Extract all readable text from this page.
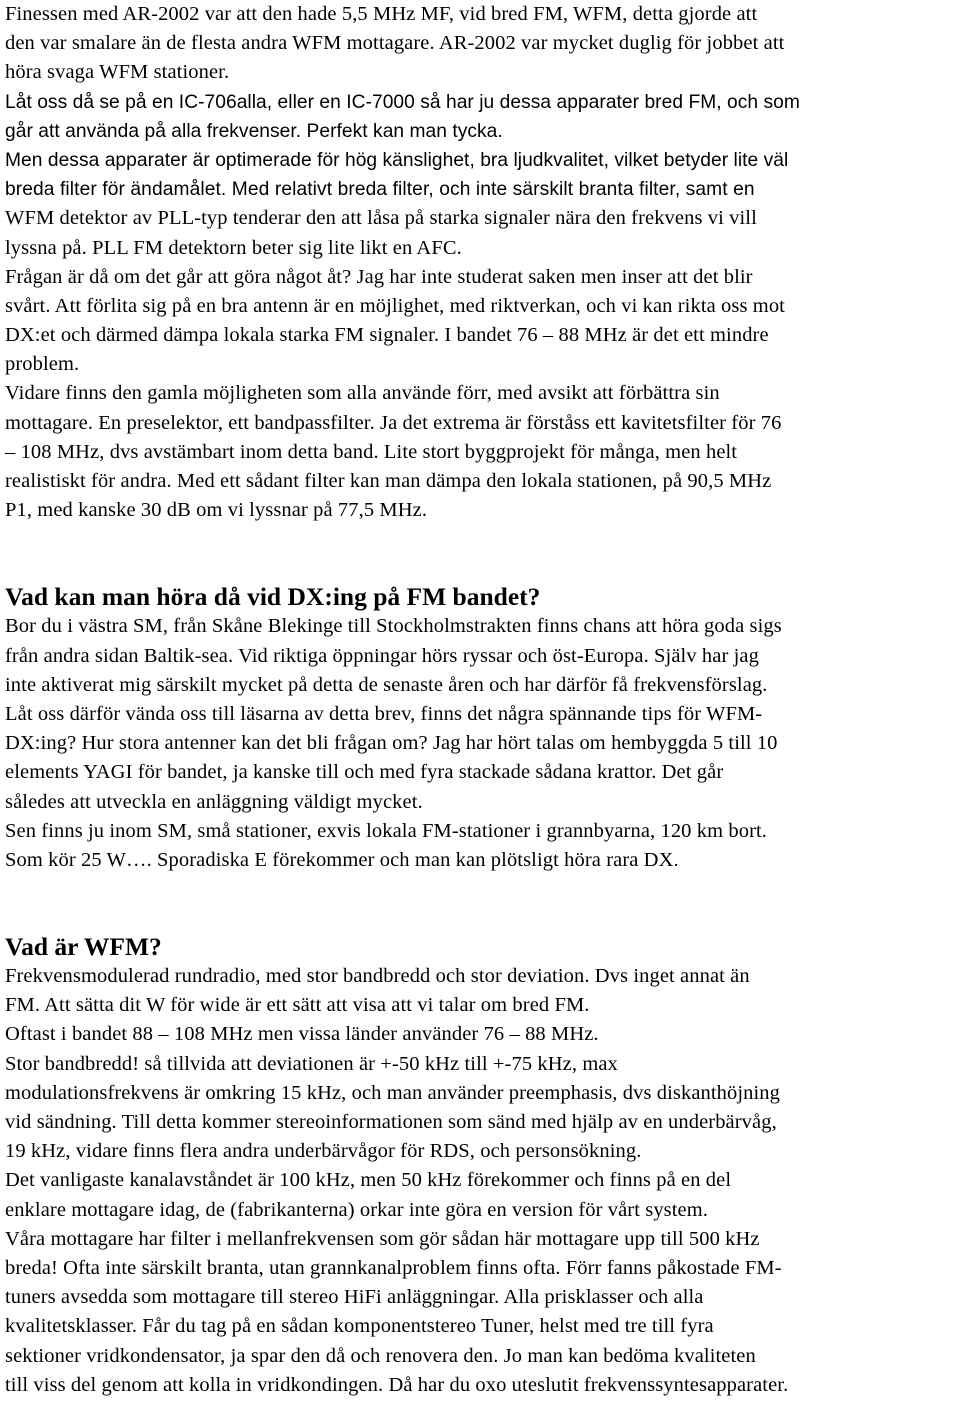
Finessen med AR-2002 var att den hade 5,5 MHz MF, vid bred FM, WFM, detta gjorde att

den var smalare än de flesta andra WFM mottagare. AR-2002 var mycket duglig för jobbet att

höra svaga WFM stationer.

Låt oss då se på en IC-706alla, eller en IC-7000 så har ju dessa apparater bred FM, och som

går att använda på alla frekvenser. Perfekt kan man tycka.

Men dessa apparater är optimerade för hög känslighet, bra ljudkvalitet, vilket betyder lite väl

breda filter för ändamålet. Med relativt breda filter, och inte särskilt branta filter, samt en

WFM detektor av PLL-typ tenderar den att låsa på starka signaler nära den frekvens vi vill

lyssna på. PLL FM detektorn beter sig lite likt en AFC.

Frågan är då om det går att göra något åt? Jag har inte studerat saken men inser att det blir

svårt. Att förlita sig på en bra antenn är en möjlighet, med riktverkan, och vi kan rikta oss mot

DX:et och därmed dämpa lokala starka FM signaler. I bandet 76 – 88 MHz är det ett mindre

problem.

Vidare finns den gamla möjligheten som alla använde förr, med avsikt att förbättra sin

mottagare. En preselektor, ett bandpassfilter. Ja det extrema är förståss ett kavitetsfilter för 76

– 108 MHz, dvs avstämbart inom detta band. Lite stort byggprojekt för många, men helt

realistiskt för andra. Med ett sådant filter kan man dämpa den lokala stationen, på 90,5 MHz

P1, med kanske 30 dB om vi lyssnar på 77,5 MHz.

Vad kan man höra då vid DX:ing på FM bandet?

Bor du i västra SM, från Skåne Blekinge till Stockholmstrakten finns chans att höra goda sigs

från andra sidan Baltik-sea. Vid riktiga öppningar hörs ryssar och öst-Europa. Själv har jag

inte aktiverat mig särskilt mycket på detta de senaste åren och har därför få frekvensförslag.

Låt oss därför vända oss till läsarna av detta brev, finns det några spännande tips för WFM-

DX:ing? Hur stora antenner kan det bli frågan om? Jag har hört talas om hembyggda 5 till 10

elements YAGI för bandet, ja kanske till och med fyra stackade sådana krattor. Det går

således att utveckla en anläggning väldigt mycket.

Sen finns ju inom SM, små stationer, exvis lokala FM-stationer i grannbyarna, 120 km bort.

Som kör 25 W…. Sporadiska E förekommer och man kan plötsligt höra rara DX.

Vad är WFM?

Frekvensmodulerad rundradio, med stor bandbredd och stor deviation. Dvs inget annat än

FM. Att sätta dit W för wide är ett sätt att visa att vi talar om bred FM.

Oftast i bandet 88 – 108 MHz men vissa länder använder 76 – 88 MHz.

Stor bandbredd! så tillvida att deviationen är +-50 kHz till +-75 kHz, max

modulationsfrekvens är omkring 15 kHz, och man använder preemphasis, dvs diskanthöjning

vid sändning. Till detta kommer stereoinformationen som sänd med hjälp av en underbärvåg,

19 kHz, vidare finns flera andra underbärvågor för RDS, och personsökning.

Det vanligaste kanalavståndet är 100 kHz, men 50 kHz förekommer och finns på en del

enklare mottagare idag, de (fabrikanterna) orkar inte göra en version för vårt system.

Våra mottagare har filter i mellanfrekvensen som gör sådan här mottagare upp till 500 kHz

breda! Ofta inte särskilt branta, utan grannkanalproblem finns ofta. Förr fanns påkostade FM-

tuners avsedda som mottagare till stereo HiFi anläggningar. Alla prisklasser och alla

kvalitetsklasser. Får du tag på en sådan komponentstereo Tuner, helst med tre till fyra

sektioner vridkondensator, ja spar den då och renovera den. Jo man kan bedöma kvaliteten

till viss del genom att kolla in vridkondingen. Då har du oxo uteslutit frekvenssyntesapparater.
